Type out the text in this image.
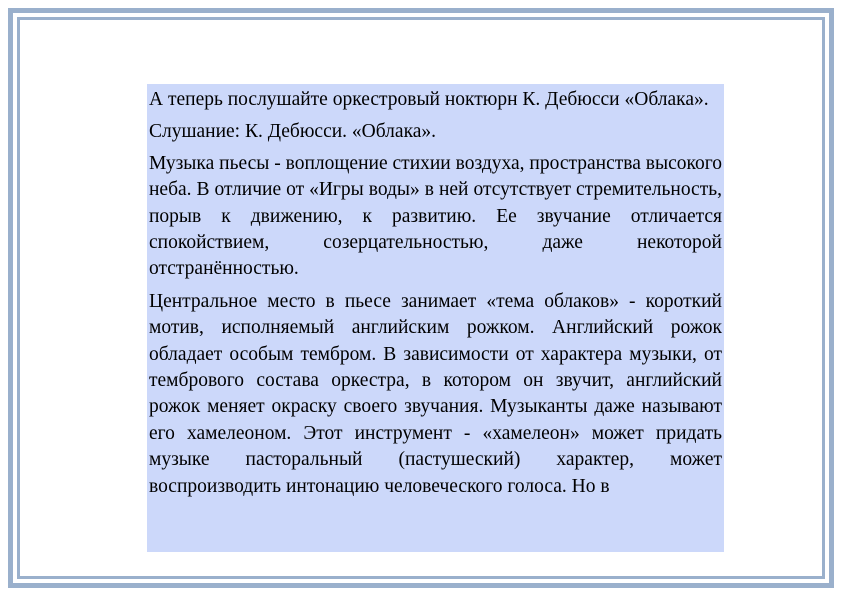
А теперь послушайте оркестровый ноктюрн К. Дебюсси «Облака».

Слушание: К. Дебюсси. «Облака».

Музыка пьесы - воплощение стихии воздуха, пространства высокого неба. В отличие от «Игры воды» в ней отсутствует стремительность, порыв к движению, к развитию. Ее звучание отличается спокойствием, созерцательностью, даже некоторой отстранённостью.

Центральное место в пьесе занимает «тема облаков» - короткий мотив, исполняемый английским рожком. Английский рожок обладает особым тембром. В зависимости от характера музыки, от тембрового состава оркестра, в котором он звучит, английский рожок меняет окраску своего звучания. Музыканты даже называют его хамелеоном. Этот инструмент - «хамелеон» может придать музыке пасторальный (пастушеский) характер, может воспроизводить интонацию человеческого голоса. Но в
